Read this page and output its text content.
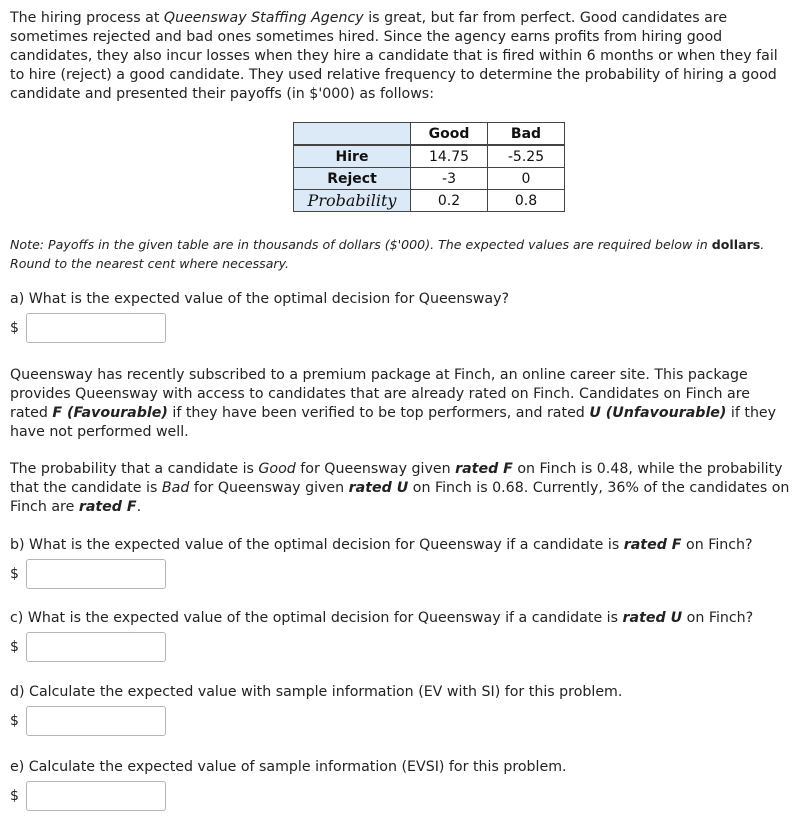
The hiring process at Queensway Staffing Agency is great, but far from perfect. Good candidates are sometimes rejected and bad ones sometimes hired. Since the agency earns profits from hiring good candidates, they also incur losses when they hire a candidate that is fired within 6 months or when they fail to hire (reject) a good candidate. They used relative frequency to determine the probability of hiring a good candidate and presented their payoffs (in $'000) as follows:
	Good	Bad
Hire	14.75	-5.25
Reject	-3	0
Probability	0.2	0.8
Note: Payoffs in the given table are in thousands of dollars ($'000). The expected values are required below in dollars. Round to the nearest cent where necessary.
a) What is the expected value of the optimal decision for Queensway?
$
Queensway has recently subscribed to a premium package at Finch, an online career site. This package provides Queensway with access to candidates that are already rated on Finch. Candidates on Finch are rated F (Favourable) if they have been verified to be top performers, and rated U (Unfavourable) if they have not performed well.
The probability that a candidate is Good for Queensway given rated F on Finch is 0.48, while the probability that the candidate is Bad for Queensway given rated U on Finch is 0.68. Currently, 36% of the candidates on Finch are rated F.
b) What is the expected value of the optimal decision for Queensway if a candidate is rated F on Finch?
$
c) What is the expected value of the optimal decision for Queensway if a candidate is rated U on Finch?
$
d) Calculate the expected value with sample information (EV with SI) for this problem.
$
e) Calculate the expected value of sample information (EVSI) for this problem.
$
